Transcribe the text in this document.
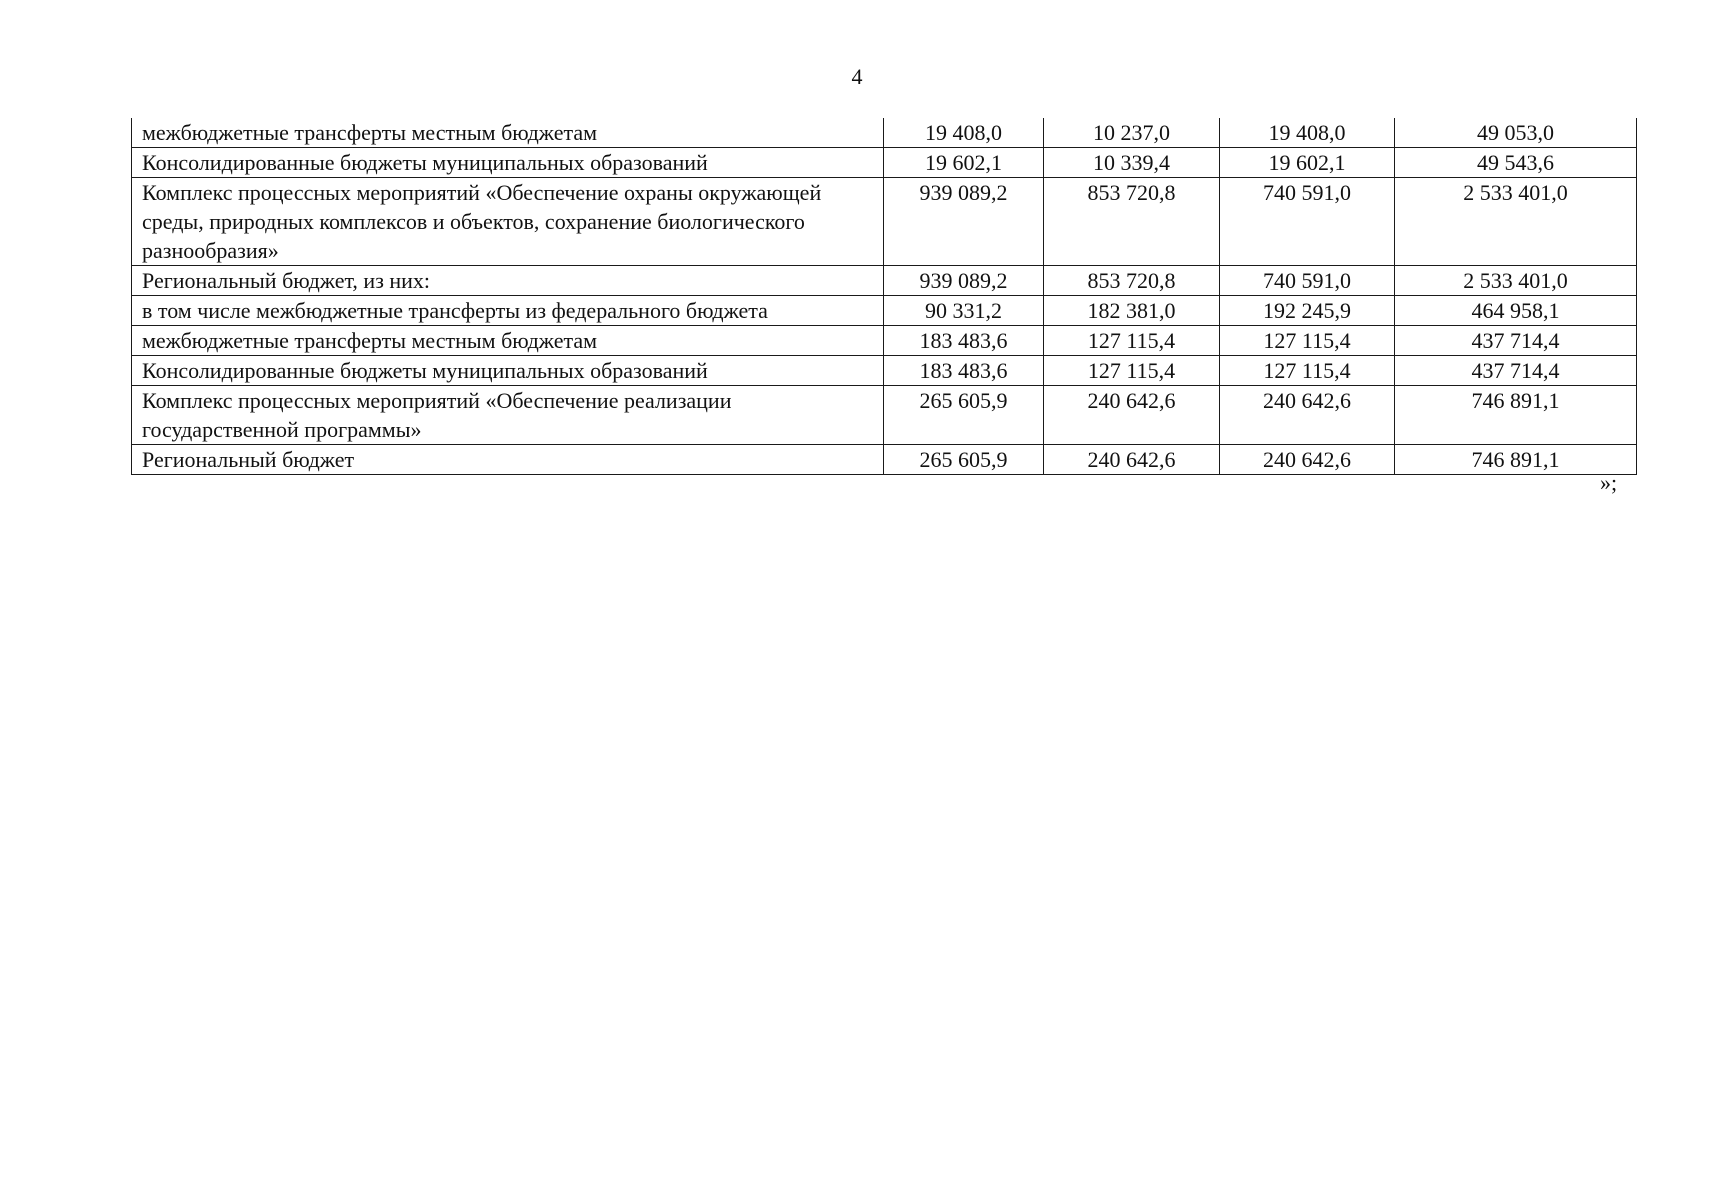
4
межбюджетные трансферты местным бюджетам	19 408,0	10 237,0	19 408,0	49 053,0
Консолидированные бюджеты муниципальных образований	19 602,1	10 339,4	19 602,1	49 543,6
Комплекс процессных мероприятий «Обеспечение охраны окружающей среды, природных комплексов и объектов, сохранение биологического разнообразия»	939 089,2	853 720,8	740 591,0	2 533 401,0
Региональный бюджет, из них:	939 089,2	853 720,8	740 591,0	2 533 401,0
в том числе межбюджетные трансферты из федерального бюджета	90 331,2	182 381,0	192 245,9	464 958,1
межбюджетные трансферты местным бюджетам	183 483,6	127 115,4	127 115,4	437 714,4
Консолидированные бюджеты муниципальных образований	183 483,6	127 115,4	127 115,4	437 714,4
Комплекс процессных мероприятий «Обеспечение реализации государственной программы»	265 605,9	240 642,6	240 642,6	746 891,1
Региональный бюджет	265 605,9	240 642,6	240 642,6	746 891,1
»;
